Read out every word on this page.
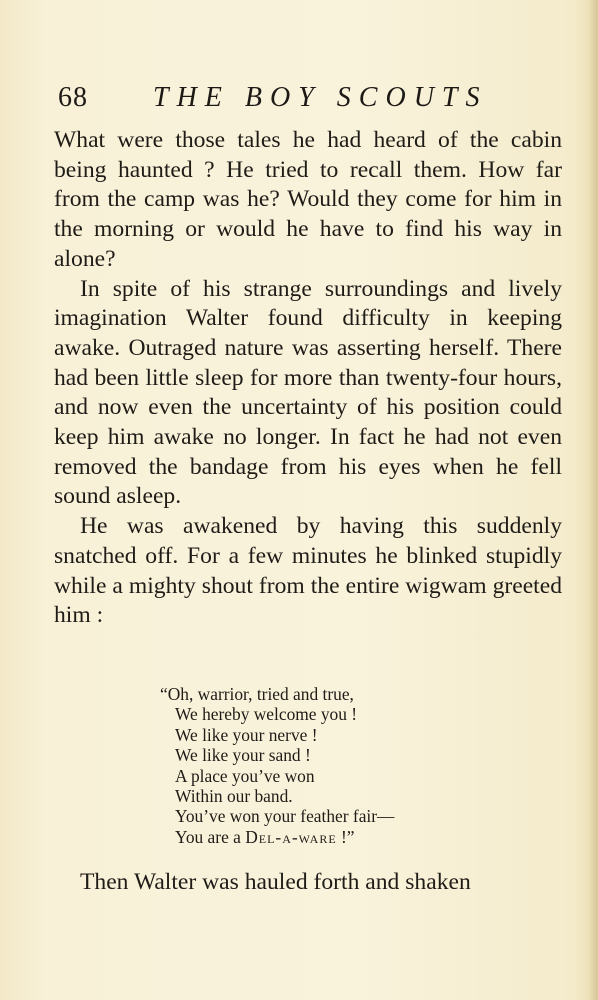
68 THE BOY SCOUTS

What were those tales he had heard of the cabin being haunted ? He tried to recall them. How far from the camp was he? Would they come for him in the morning or would he have to find his way in alone?

In spite of his strange surroundings and lively imagination Walter found difficulty in keeping awake. Outraged nature was asserting herself. There had been little sleep for more than twenty-four hours, and now even the uncertainty of his position could keep him awake no longer. In fact he had not even removed the bandage from his eyes when he fell sound asleep.

He was awakened by having this suddenly snatched off. For a few minutes he blinked stupidly while a mighty shout from the entire wigwam greeted him :

“Oh, warrior, tried and true,
We hereby welcome you !
We like your nerve !
We like your sand !
A place you’ve won
Within our band.
You’ve won your feather fair—
You are a Del-a-ware !”
Then Walter was hauled forth and shaken
